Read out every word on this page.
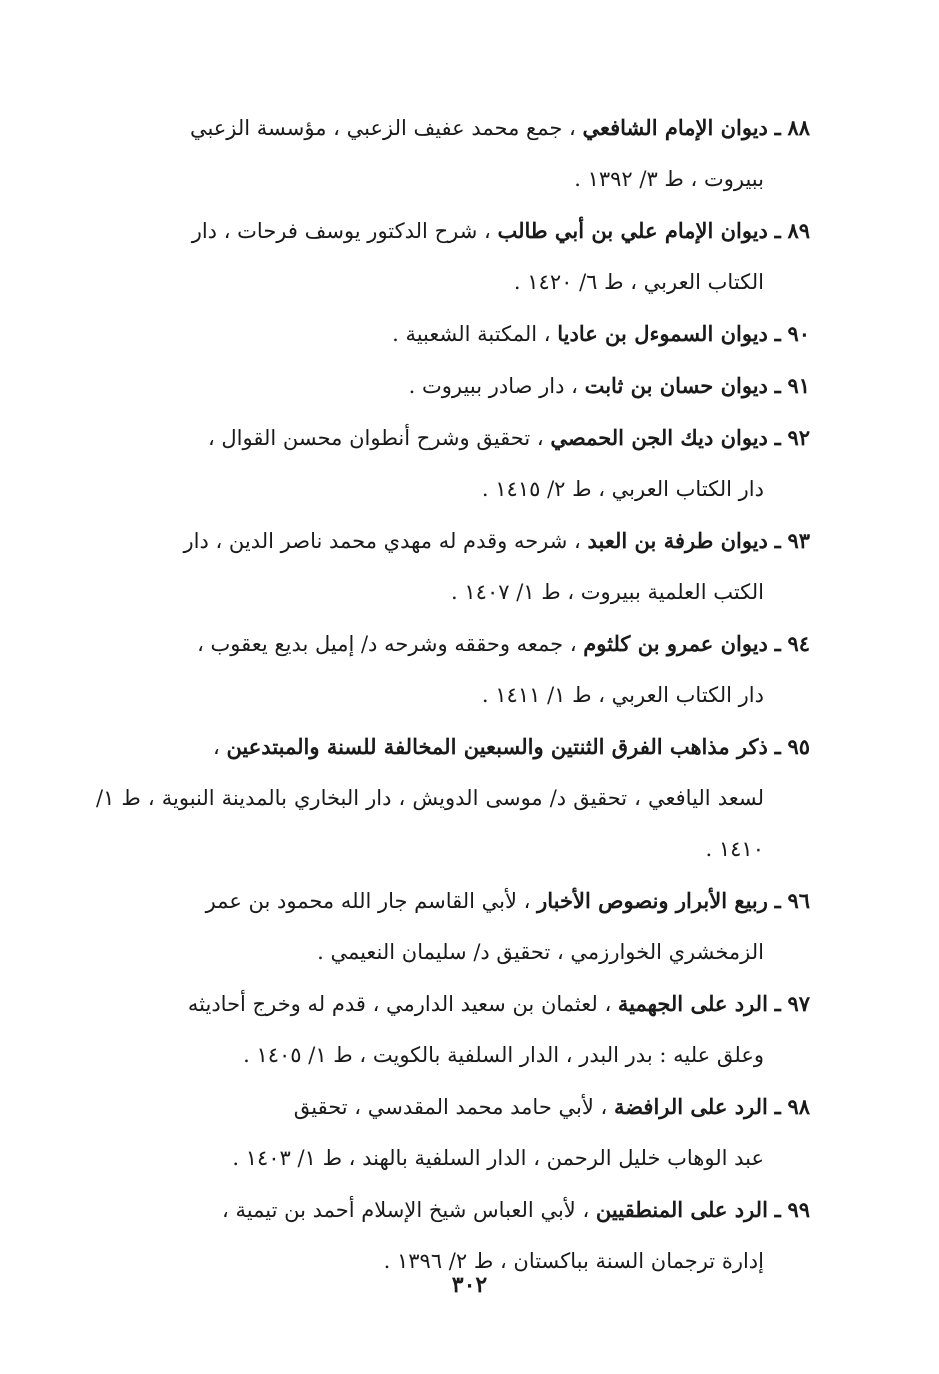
٨٨ ـ ديوان الإمام الشافعي ، جمع محمد عفيف الزعبي ، مؤسسة الزعبي
ببيروت ، ط ٣/ ١٣٩٢ .

٨٩ ـ ديوان الإمام علي بن أبي طالب ، شرح الدكتور يوسف فرحات ، دار
الكتاب العربي ، ط ٦/ ١٤٢٠ .

٩٠ ـ ديوان السموءل بن عاديا ، المكتبة الشعبية .

٩١ ـ ديوان حسان بن ثابت ، دار صادر ببيروت .

٩٢ ـ ديوان ديك الجن الحمصي ، تحقيق وشرح أنطوان محسن القوال ،
دار الكتاب العربي ، ط ٢/ ١٤١٥ .

٩٣ ـ ديوان طرفة بن العبد ، شرحه وقدم له مهدي محمد ناصر الدين ، دار
الكتب العلمية ببيروت ، ط ١/ ١٤٠٧ .

٩٤ ـ ديوان عمرو بن كلثوم ، جمعه وحققه وشرحه د/ إميل بديع يعقوب ،
دار الكتاب العربي ، ط ١/ ١٤١١ .

٩٥ ـ ذكر مذاهب الفرق الثنتين والسبعين المخالفة للسنة والمبتدعين ،
لسعد اليافعي ، تحقيق د/ موسى الدويش ، دار البخاري بالمدينة النبوية ، ط ١/ ١٤١٠ .

٩٦ ـ ربيع الأبرار ونصوص الأخبار ، لأبي القاسم جار الله محمود بن عمر
الزمخشري الخوارزمي ، تحقيق د/ سليمان النعيمي .

٩٧ ـ الرد على الجهمية ، لعثمان بن سعيد الدارمي ، قدم له وخرج أحاديثه
وعلق عليه : بدر البدر ، الدار السلفية بالكويت ، ط ١/ ١٤٠٥ .

٩٨ ـ الرد على الرافضة ، لأبي حامد محمد المقدسي ، تحقيق
عبد الوهاب خليل الرحمن ، الدار السلفية بالهند ، ط ١/ ١٤٠٣ .

٩٩ ـ الرد على المنطقيين ، لأبي العباس شيخ الإسلام أحمد بن تيمية ،
إدارة ترجمان السنة بباكستان ، ط ٢/ ١٣٩٦ .

٣٠٢
